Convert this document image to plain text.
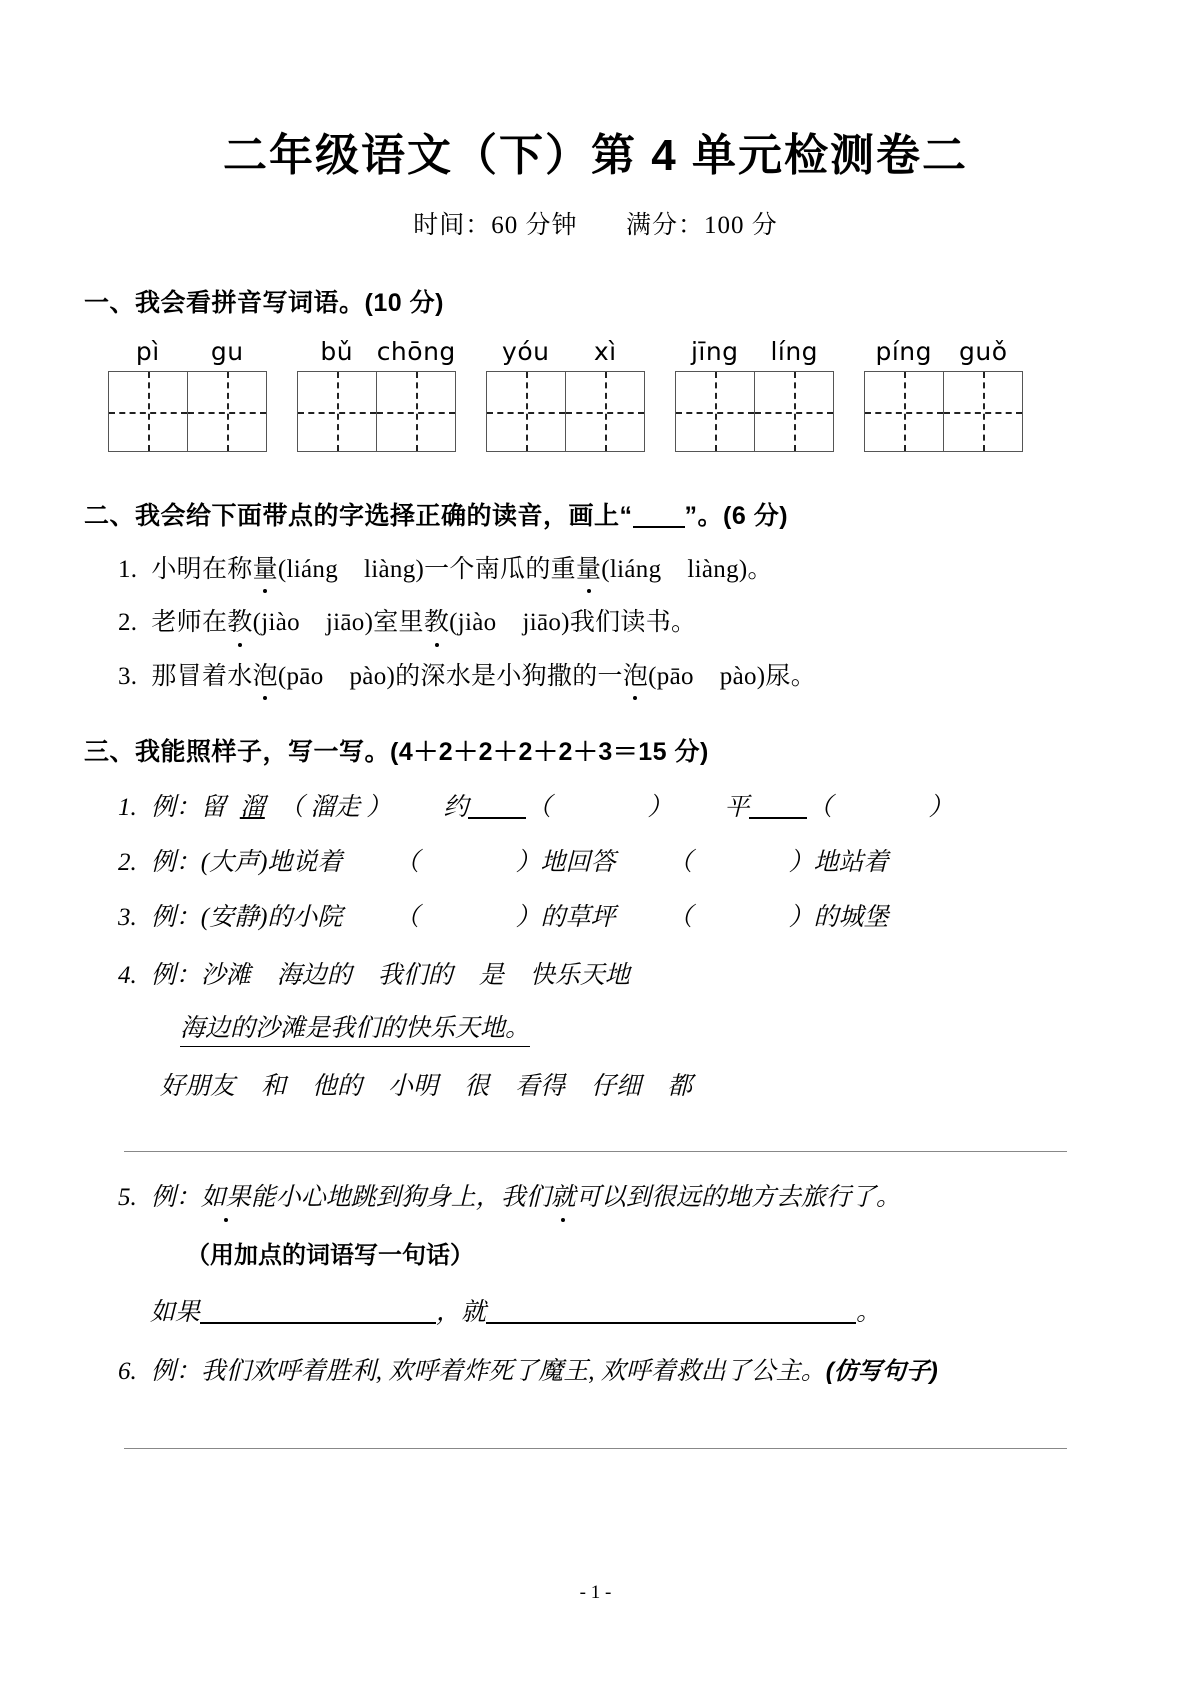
二年级语文（下）第 4 单元检测卷二
时间：60 分钟 满分：100 分
一、我会看拼音写词语。(10 分)
pì	gu	bǔ chōng	yóu	xì	jīng	líng	píng	guǒ
二、我会给下面带点的字选择正确的读音，画上“ ”。(6 分)
1. 小明在称量(liáng liàng)一个南瓜的重量(liáng liàng)。
2. 老师在教(jiào jiāo)室里教(jiào jiāo)我们读书。
3. 那冒着水泡(pāo pào)的深水是小狗撒的一泡(pāo pào)尿。
三、我能照样子，写一写。(4＋2＋2＋2＋2＋3＝15 分)
1. 例：留 溜 （ 溜走 ） 约 （	） 平 （	）
2. 例：(大声)地说着 （	）地回答 （	）地站着
3. 例：(安静)的小院 （	）的草坪 （	）的城堡
4. 例：沙滩 海边的 我们的 是 快乐天地
海边的沙滩是我们的快乐天地。
好朋友 和 他的 小明 很 看得 仔细 都
5. 例：如果能小心地跳到狗身上，我们就可以到很远的地方去旅行了。
（用加点的词语写一句话）
如果	，就	。
6. 例：我们欢呼着胜利, 欢呼着炸死了魔王, 欢呼着救出了公主。(仿写句子)
- 1 -
